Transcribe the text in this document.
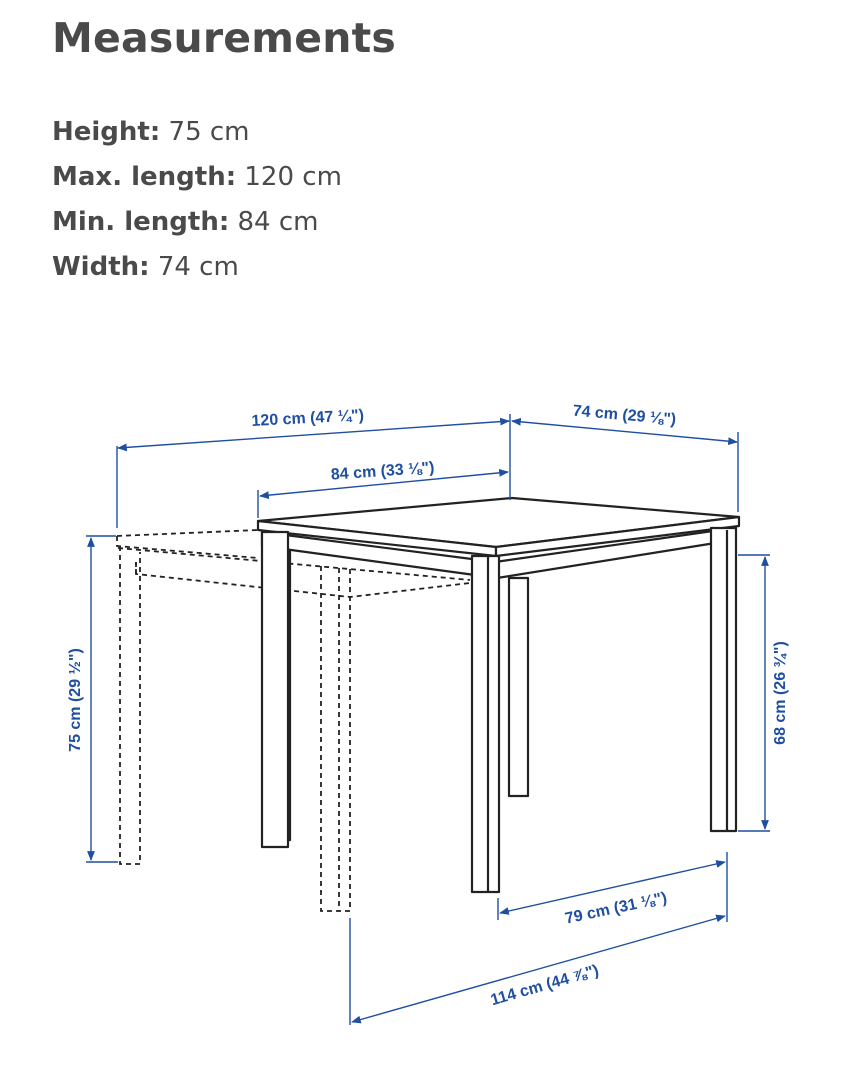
Measurements
Height: 75 cm
Max. length: 120 cm
Min. length: 84 cm
Width: 74 cm
120 cm (47 ¼")
84 cm (33 ⅛")
74 cm (29 ⅛")
75 cm (29 ½")	68 cm (26 ¾")
79 cm (31 ⅛")
114 cm (44 ⅞")
